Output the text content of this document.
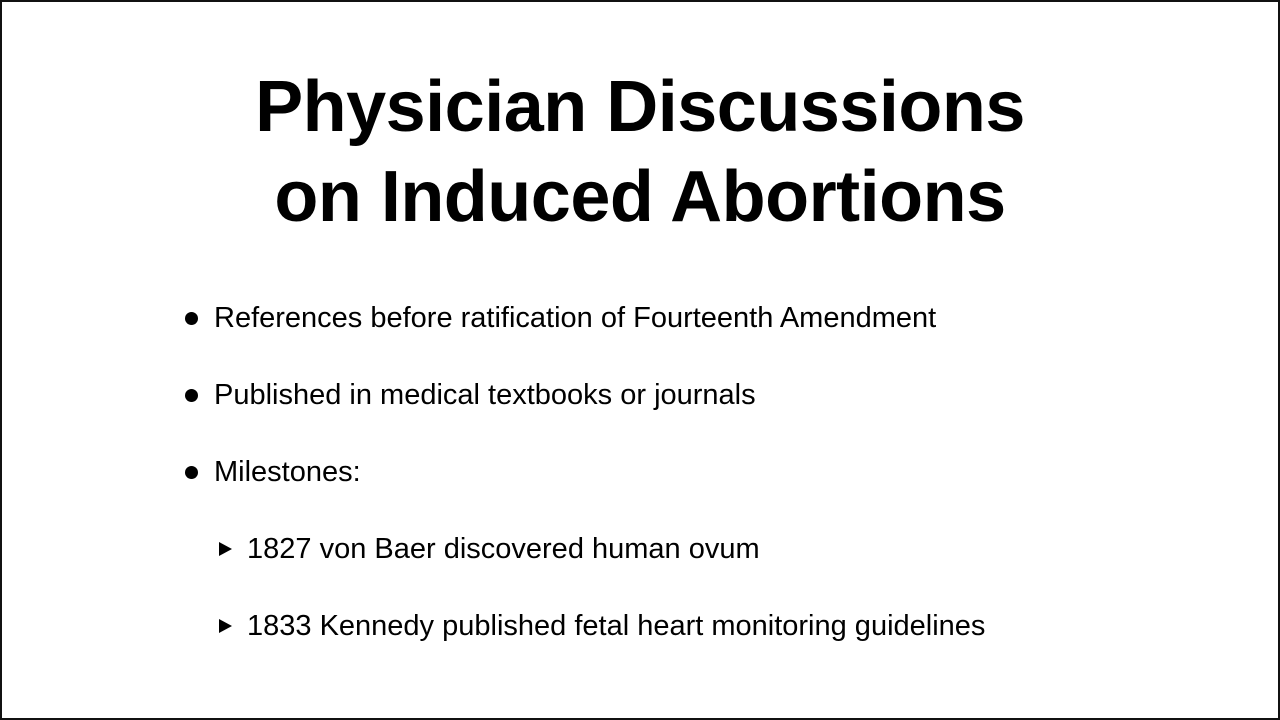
Physician Discussions
on Induced Abortions
References before ratification of Fourteenth Amendment
Published in medical textbooks or journals
Milestones:
1827 von Baer discovered human ovum
1833 Kennedy published fetal heart monitoring guidelines
